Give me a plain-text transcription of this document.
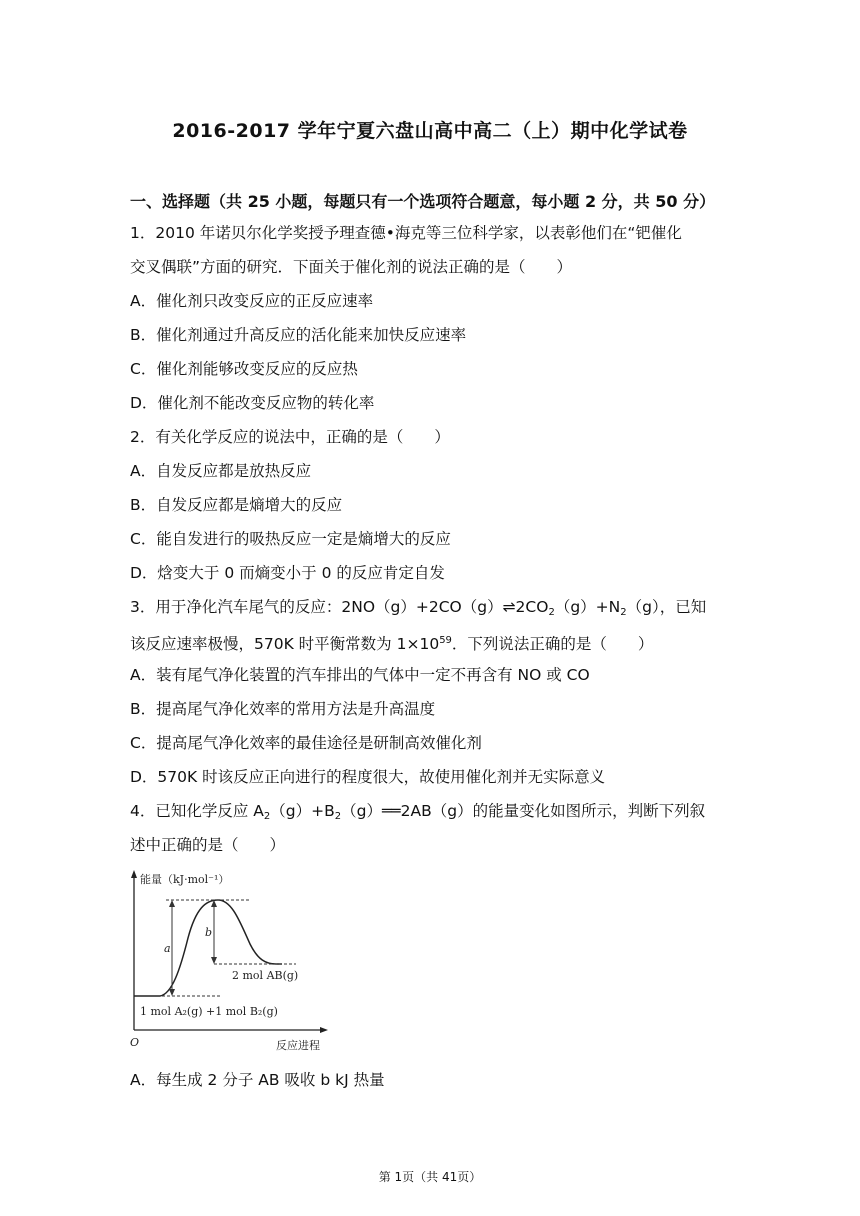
2016-2017 学年宁夏六盘山高中高二（上）期中化学试卷
一、选择题（共 25 小题，每题只有一个选项符合题意，每小题 2 分，共 50 分）
1．2010 年诺贝尔化学奖授予理查德•海克等三位科学家，以表彰他们在“钯催化
交叉偶联”方面的研究．下面关于催化剂的说法正确的是（　　）
A．催化剂只改变反应的正反应速率
B．催化剂通过升高反应的活化能来加快反应速率
C．催化剂能够改变反应的反应热
D．催化剂不能改变反应物的转化率
2．有关化学反应的说法中，正确的是（　　）
A．自发反应都是放热反应
B．自发反应都是熵增大的反应
C．能自发进行的吸热反应一定是熵增大的反应
D．焓变大于 0 而熵变小于 0 的反应肯定自发
3．用于净化汽车尾气的反应：$2NO(g)+2CO(g)\rightleftharpoons 2CO_2(g)+N_2(g)$，已知
该反应速率极慢，570K 时平衡常数为 $1\times 10^{59}$．下列说法正确的是（　　）
A．装有尾气净化装置的汽车排出的气体中一定不再含有 NO 或 CO
B．提高尾气净化效率的常用方法是升高温度
C．提高尾气净化效率的最佳途径是研制高效催化剂
D．570K 时该反应正向进行的程度很大，故使用催化剂并无实际意义
4．已知化学反应 $A_2(g)+B_2(g)══2AB(g)$的能量变化如图所示，判断下列叙
述中正确的是（　　）
能量（kJ·mol⁻¹）
反应进程
O
a
b
2 mol AB(g)
1 mol A₂(g) +1 mol B₂(g)
A．每生成 2 分子 AB 吸收 b kJ 热量
第 1页（共 41页）
